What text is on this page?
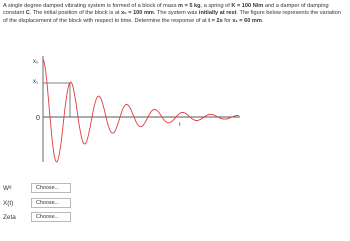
A single degree damped vibrating system is formed of a block of mass m = 5 kg, a spring of K = 100 N/m and a damper of damping constant C. The initial position of the block is at x₀ = 100 mm. The system was initially at rest. The figure below represents the variation of the displacement of the block with respect to time. Determine the response of at t = 2s for x₁ = 60 mm.

x₀
x₁
0
t
Wᵈ	Choose...
X(t)	Choose...
Zeta	Choose...
